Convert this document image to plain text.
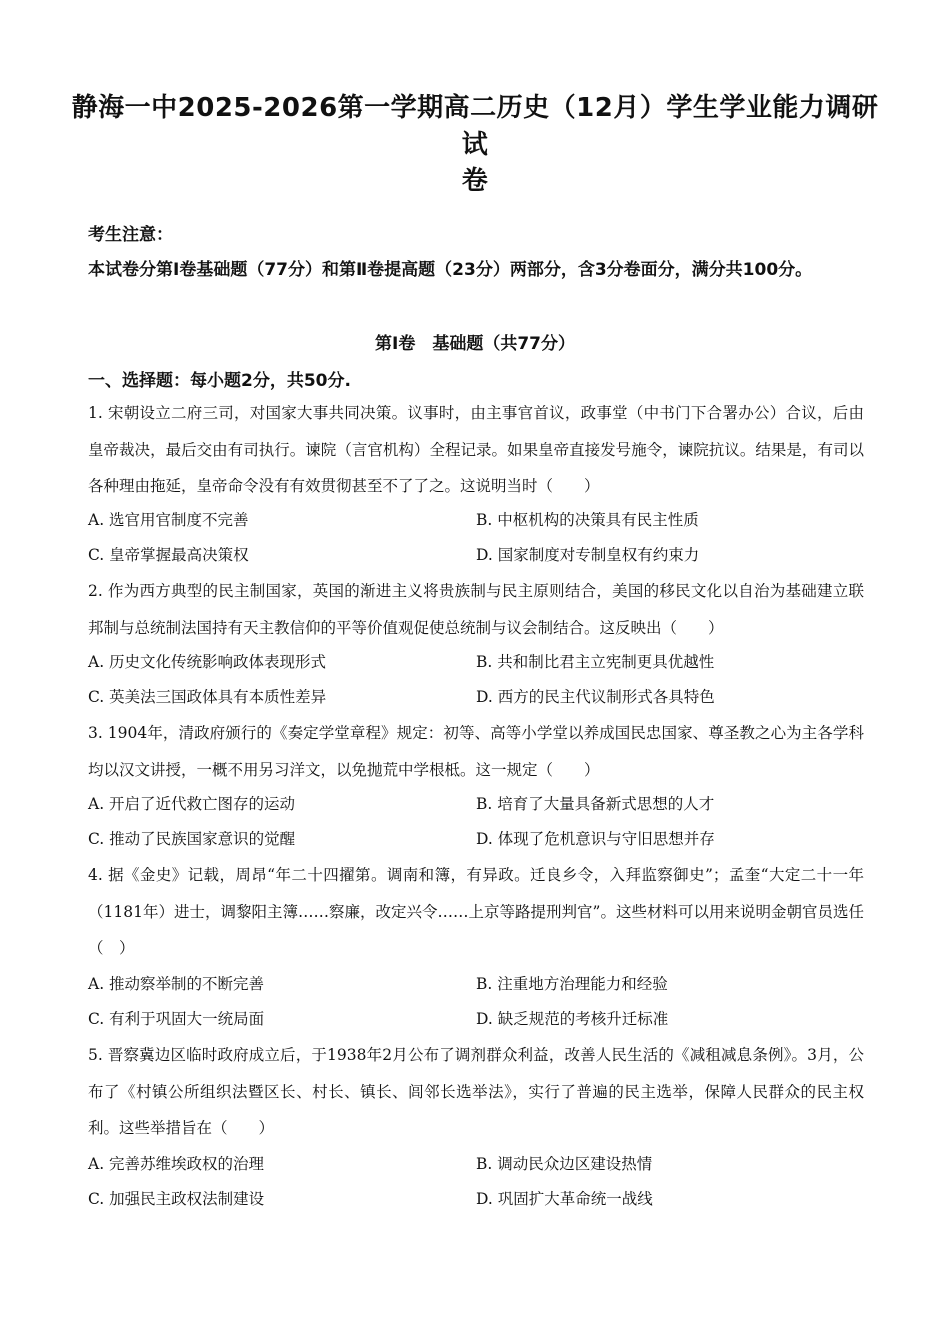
静海一中2025-2026第一学期高二历史（12月）学生学业能力调研试
卷
考生注意：
本试卷分第Ⅰ卷基础题（77分）和第Ⅱ卷提高题（23分）两部分，含3分卷面分，满分共100分。
第Ⅰ卷　基础题（共77分）
一、选择题：每小题2分，共50分.
1. 宋朝设立二府三司，对国家大事共同决策。议事时，由主事官首议，政事堂（中书门下合署办公）合议，后由皇帝裁决，最后交由有司执行。谏院（言官机构）全程记录。如果皇帝直接发号施令，谏院抗议。结果是，有司以各种理由拖延，皇帝命令没有有效贯彻甚至不了了之。这说明当时（　　）
A. 选官用官制度不完善	B. 中枢机构的决策具有民主性质
C. 皇帝掌握最高决策权	D. 国家制度对专制皇权有约束力
2. 作为西方典型的民主制国家，英国的渐进主义将贵族制与民主原则结合，美国的移民文化以自治为基础建立联邦制与总统制法国持有天主教信仰的平等价值观促使总统制与议会制结合。这反映出（　　）
A. 历史文化传统影响政体表现形式	B. 共和制比君主立宪制更具优越性
C. 英美法三国政体具有本质性差异	D. 西方的民主代议制形式各具特色
3. 1904年，清政府颁行的《奏定学堂章程》规定：初等、高等小学堂以养成国民忠国家、尊圣教之心为主各学科均以汉文讲授，一概不用另习洋文，以免抛荒中学根柢。这一规定（　　）
A. 开启了近代救亡图存的运动	B. 培育了大量具备新式思想的人才
C. 推动了民族国家意识的觉醒	D. 体现了危机意识与守旧思想并存
4. 据《金史》记载，周昂“年二十四擢第。调南和簿，有异政。迁良乡令，入拜监察御史”；孟奎“大定二十一年（1181年）进士，调黎阳主簿……察廉，改定兴令……上京等路提刑判官”。这些材料可以用来说明金朝官员选任（　）
A. 推动察举制的不断完善	B. 注重地方治理能力和经验
C. 有利于巩固大一统局面	D. 缺乏规范的考核升迁标准
5. 晋察冀边区临时政府成立后，于1938年2月公布了调剂群众利益，改善人民生活的《减租减息条例》。3月，公布了《村镇公所组织法暨区长、村长、镇长、闾邻长选举法》，实行了普遍的民主选举，保障人民群众的民主权利。这些举措旨在（　　）
A. 完善苏维埃政权的治理	B. 调动民众边区建设热情
C. 加强民主政权法制建设	D. 巩固扩大革命统一战线
